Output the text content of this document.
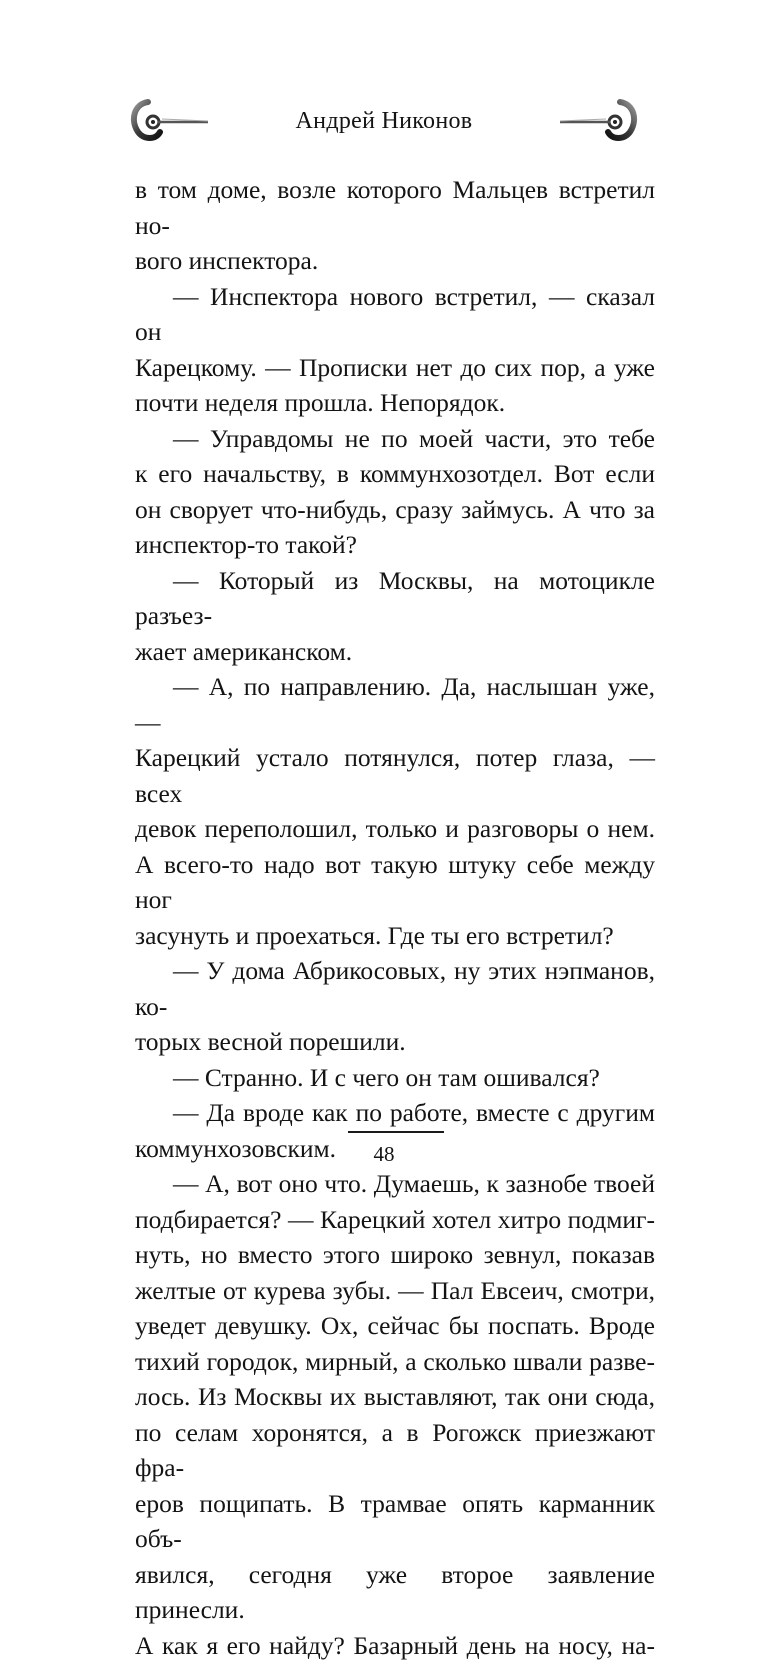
Андрей Никонов
в том доме, возле которого Мальцев встретил но-
вого инспектора.
— Инспектора нового встретил, — сказал он
Карецкому. — Прописки нет до сих пор, а уже
почти неделя прошла. Непорядок.
— Управдомы не по моей части, это тебе
к его начальству, в коммунхозотдел. Вот если
он сворует что-нибудь, сразу займусь. А что за
инспектор-то такой?
— Который из Москвы, на мотоцикле разъез-
жает американском.
— А, по направлению. Да, наслышан уже, —
Карецкий устало потянулся, потер глаза, — всех
девок переполошил, только и разговоры о нем.
А всего-то надо вот такую штуку себе между ног
засунуть и проехаться. Где ты его встретил?
— У дома Абрикосовых, ну этих нэпманов, ко-
торых весной порешили.
— Странно. И с чего он там ошивался?
— Да вроде как по работе, вместе с другим
коммунхозовским.
— А, вот оно что. Думаешь, к зазнобе твоей
подбирается? — Карецкий хотел хитро подмиг-
нуть, но вместо этого широко зевнул, показав
желтые от курева зубы. — Пал Евсеич, смотри,
уведет девушку. Ох, сейчас бы поспать. Вроде
тихий городок, мирный, а сколько швали разве-
лось. Из Москвы их выставляют, так они сюда,
по селам хоронятся, а в Рогожск приезжают фра-
еров пощипать. В трамвае опять карманник объ-
явился, сегодня уже второе заявление принесли.
А как я его найду? Базарный день на носу, на-
48
